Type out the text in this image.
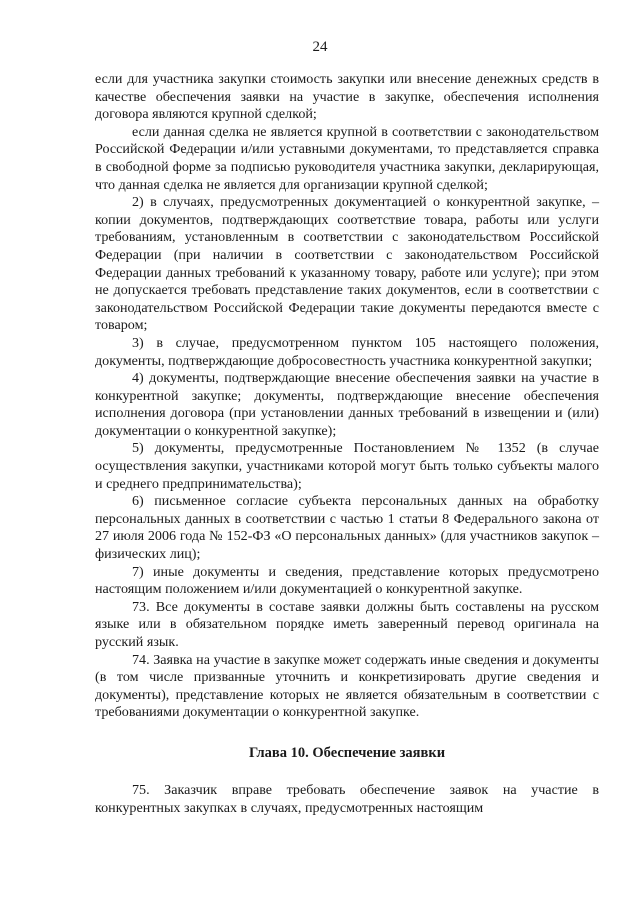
24

если для участника закупки стоимость закупки или внесение денежных средств в качестве обеспечения заявки на участие в закупке, обеспечения исполнения договора являются крупной сделкой;

если данная сделка не является крупной в соответствии с законодательством Российской Федерации и/или уставными документами, то представляется справка в свободной форме за подписью руководителя участника закупки, декларирующая, что данная сделка не является для организации крупной сделкой;

2) в случаях, предусмотренных документацией о конкурентной закупке, – копии документов, подтверждающих соответствие товара, работы или услуги требованиям, установленным в соответствии с законодательством Российской Федерации (при наличии в соответствии с законодательством Российской Федерации данных требований к указанному товару, работе или услуге); при этом не допускается требовать представление таких документов, если в соответствии с законодательством Российской Федерации такие документы передаются вместе с товаром;

3) в случае, предусмотренном пунктом 105 настоящего положения, документы, подтверждающие добросовестность участника конкурентной закупки;

4) документы, подтверждающие внесение обеспечения заявки на участие в конкурентной закупке; документы, подтверждающие внесение обеспечения исполнения договора (при установлении данных требований в извещении и (или) документации о конкурентной закупке);

5) документы, предусмотренные Постановлением № 1352 (в случае осуществления закупки, участниками которой могут быть только субъекты малого и среднего предпринимательства);

6) письменное согласие субъекта персональных данных на обработку персональных данных в соответствии с частью 1 статьи 8 Федерального закона от 27 июля 2006 года № 152-ФЗ «О персональных данных» (для участников закупок – физических лиц);

7) иные документы и сведения, представление которых предусмотрено настоящим положением и/или документацией о конкурентной закупке.

73. Все документы в составе заявки должны быть составлены на русском языке или в обязательном порядке иметь заверенный перевод оригинала на русский язык.

74. Заявка на участие в закупке может содержать иные сведения и документы (в том числе призванные уточнить и конкретизировать другие сведения и документы), представление которых не является обязательным в соответствии с требованиями документации о конкурентной закупке.

Глава 10. Обеспечение заявки

75. Заказчик вправе требовать обеспечение заявок на участие в конкурентных закупках в случаях, предусмотренных настоящим
